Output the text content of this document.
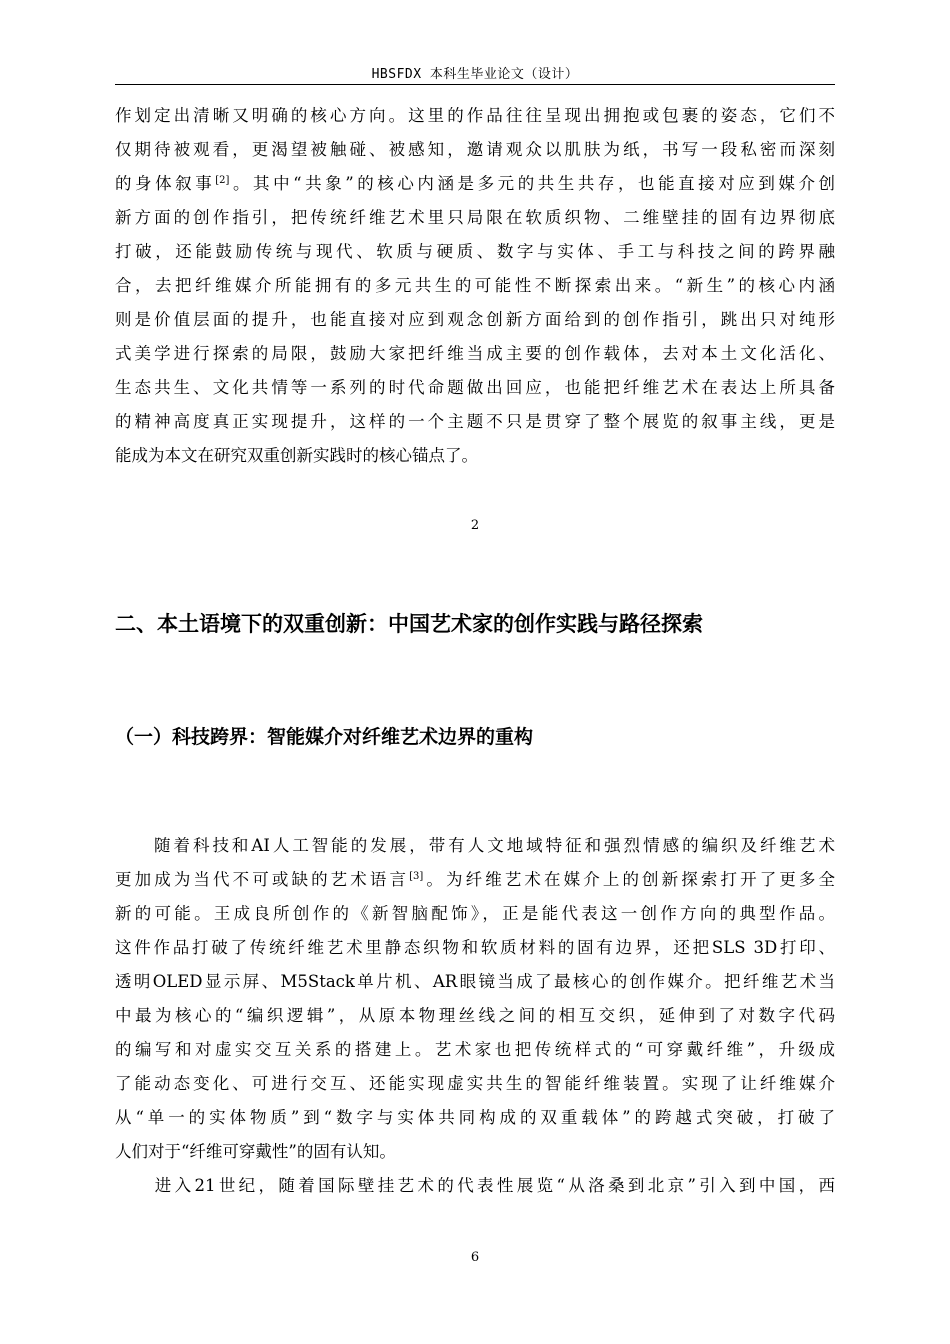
HBSFDX 本科生毕业论文（设计）
作划定出清晰又明确的核心方向。这里的作品往往呈现出拥抱或包裹的姿态，它们不
仅期待被观看，更渴望被触碰、被感知，邀请观众以肌肤为纸，书写一段私密而深刻
的身体叙事[2]。其中“共象”的核心内涵是多元的共生共存，也能直接对应到媒介创
新方面的创作指引，把传统纤维艺术里只局限在软质织物、二维壁挂的固有边界彻底
打破，还能鼓励传统与现代、软质与硬质、数字与实体、手工与科技之间的跨界融
合，去把纤维媒介所能拥有的多元共生的可能性不断探索出来。“新生”的核心内涵
则是价值层面的提升，也能直接对应到观念创新方面给到的创作指引，跳出只对纯形
式美学进行探索的局限，鼓励大家把纤维当成主要的创作载体，去对本土文化活化、
生态共生、文化共情等一系列的时代命题做出回应，也能把纤维艺术在表达上所具备
的精神高度真正实现提升，这样的一个主题不只是贯穿了整个展览的叙事主线，更是
能成为本文在研究双重创新实践时的核心锚点了。
2
二、本土语境下的双重创新：中国艺术家的创作实践与路径探索
（一）科技跨界：智能媒介对纤维艺术边界的重构
　　随着科技和AI人工智能的发展，带有人文地域特征和强烈情感的编织及纤维艺术
更加成为当代不可或缺的艺术语言[3]。为纤维艺术在媒介上的创新探索打开了更多全
新的可能。王成良所创作的《新智脑配饰》，正是能代表这一创作方向的典型作品。
这件作品打破了传统纤维艺术里静态织物和软质材料的固有边界，还把SLS 3D打印、
透明OLED显示屏、M5Stack单片机、AR眼镜当成了最核心的创作媒介。把纤维艺术当
中最为核心的“编织逻辑”，从原本物理丝线之间的相互交织，延伸到了对数字代码
的编写和对虚实交互关系的搭建上。艺术家也把传统样式的“可穿戴纤维”，升级成
了能动态变化、可进行交互、还能实现虚实共生的智能纤维装置。实现了让纤维媒介
从“单一的实体物质”到“数字与实体共同构成的双重载体”的跨越式突破，打破了
人们对于“纤维可穿戴性”的固有认知。
　　进入21世纪，随着国际壁挂艺术的代表性展览“从洛桑到北京”引入到中国，西
6
